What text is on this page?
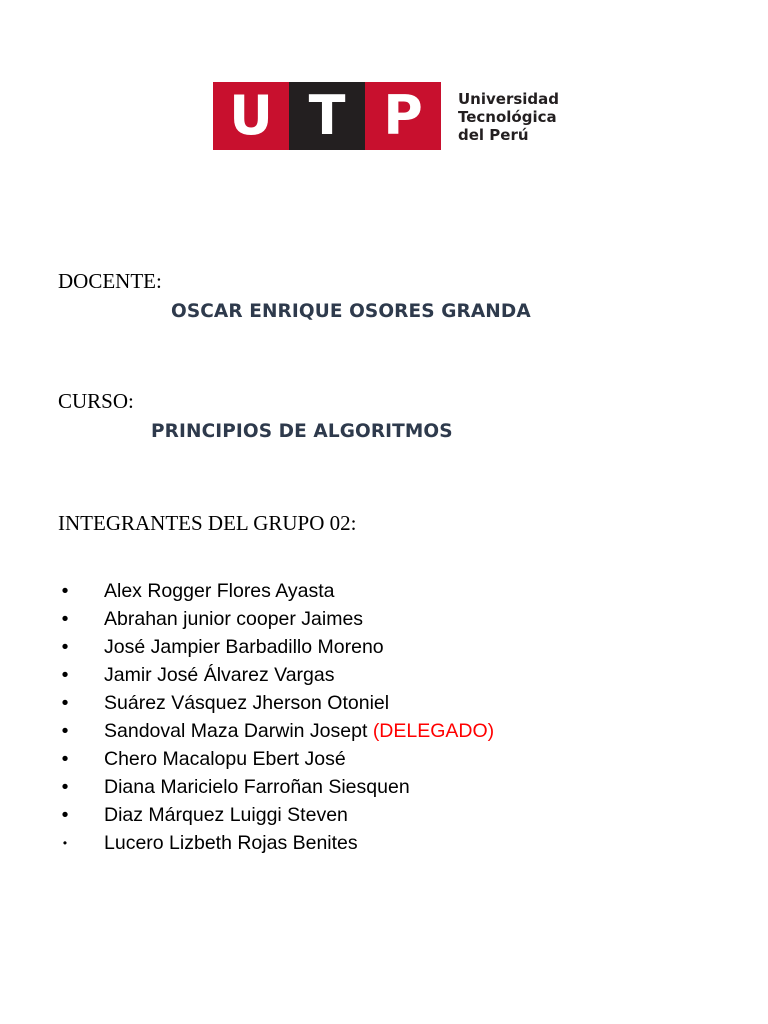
U T P	Universidad
Tecnológica
del Perú
DOCENTE:
OSCAR ENRIQUE OSORES GRANDA
CURSO:
PRINCIPIOS DE ALGORITMOS
INTEGRANTES DEL GRUPO 02:
• Alex Rogger Flores Ayasta
• Abrahan junior cooper Jaimes
• José Jampier Barbadillo Moreno
• Jamir José Álvarez Vargas
• Suárez Vásquez Jherson Otoniel
• Sandoval Maza Darwin Josept (DELEGADO)
• Chero Macalopu Ebert José
• Diana Maricielo Farroñan Siesquen
• Diaz Márquez Luiggi Steven
• Lucero Lizbeth Rojas Benites
